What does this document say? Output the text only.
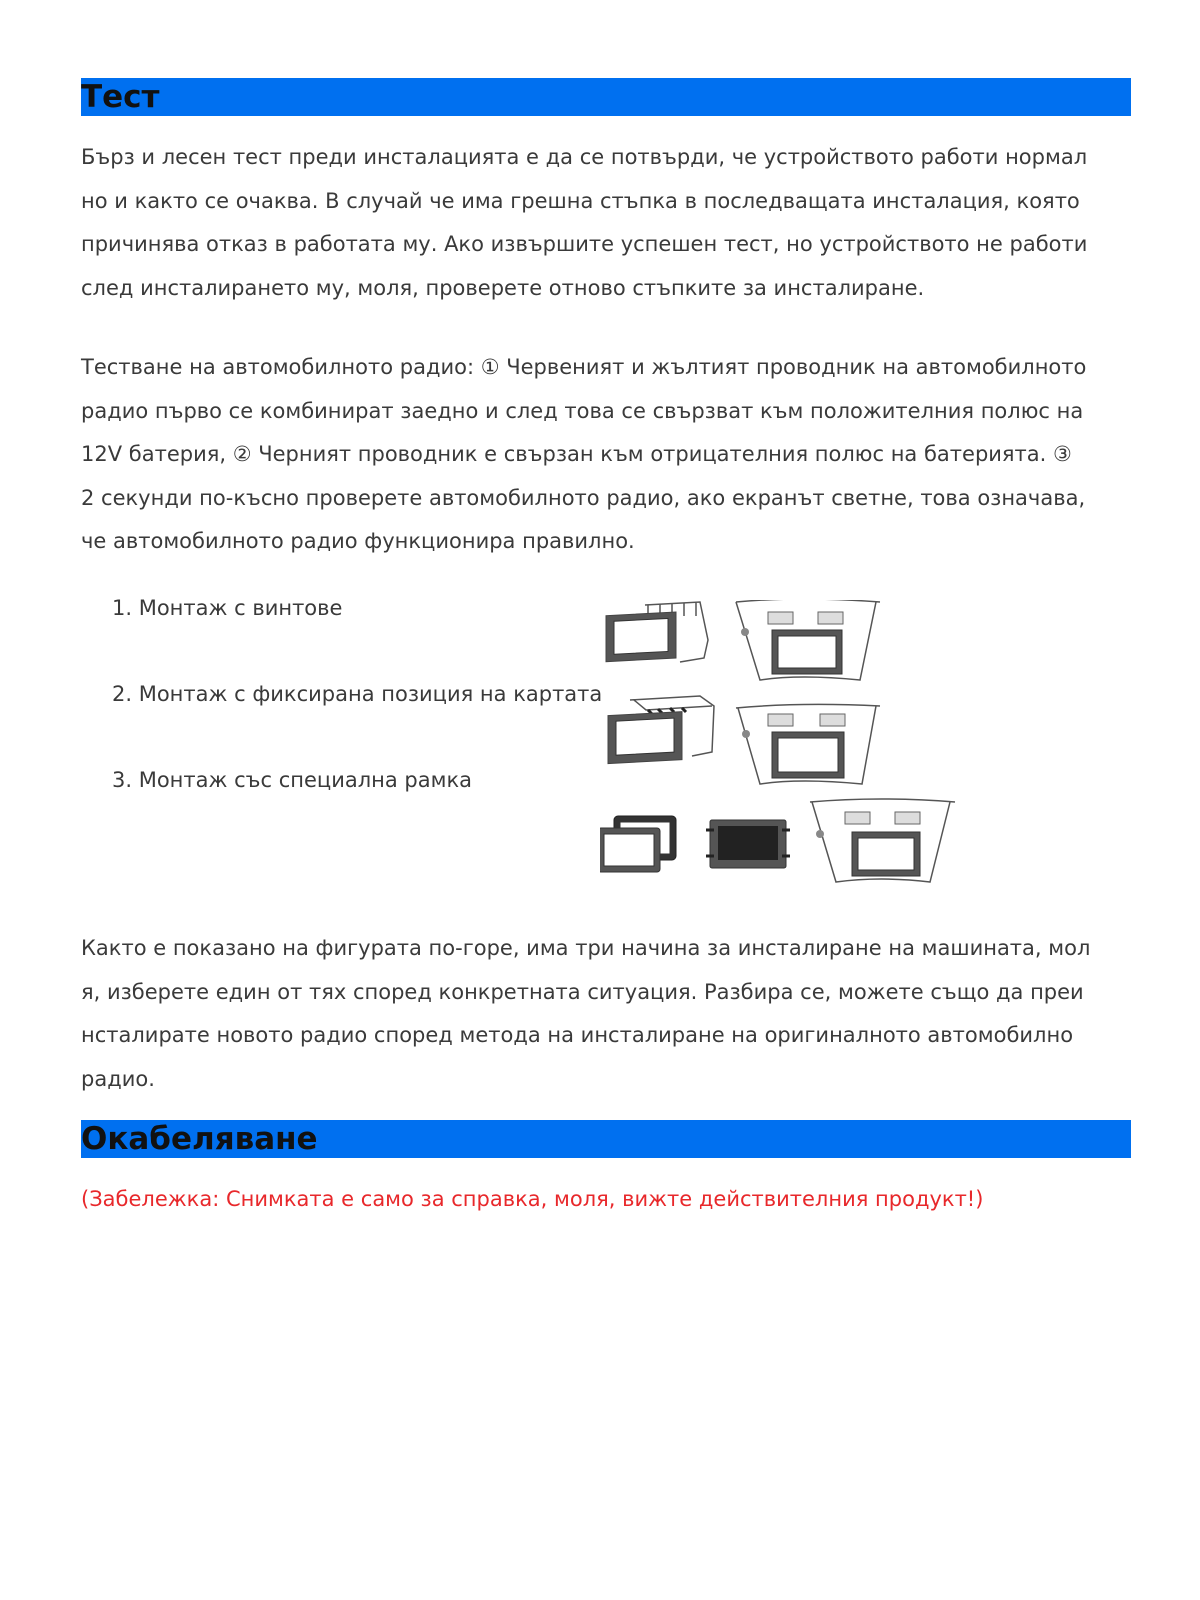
Тест

Бърз и лесен тест преди инсталацията е да се потвърди, че устройството работи нормално и както се очаква. В случай че има грешна стъпка в последващата инсталация, която причинява отказ в работата му. Ако извършите успешен тест, но устройството не работи след инсталирането му, моля, проверете отново стъпките за инсталиране.

Тестване на автомобилното радио: ① Червеният и жълтият проводник на автомобилното радио първо се комбинират заедно и след това се свързват към положителния полюс на 12V батерия, ② Черният проводник е свързан към отрицателния полюс на батерията. ③ 2 секунди по-късно проверете автомобилното радио, ако екранът светне, това означава, че автомобилното радио функционира правилно.

Както е показано на фигурата по-горе, има три начина за инсталиране на машината, моля, изберете един от тях според конкретната ситуация. Разбира се, можете също да преинсталирате новото радио според метода на инсталиране на оригиналното автомобилно радио.

Окабеляване
(Забележка: Снимката е само за справка, моля, вижте действителния продукт!)
1. Монтаж с винтове
2. Монтаж с фиксирана позиция на картата
3. Монтаж със специална рамка
